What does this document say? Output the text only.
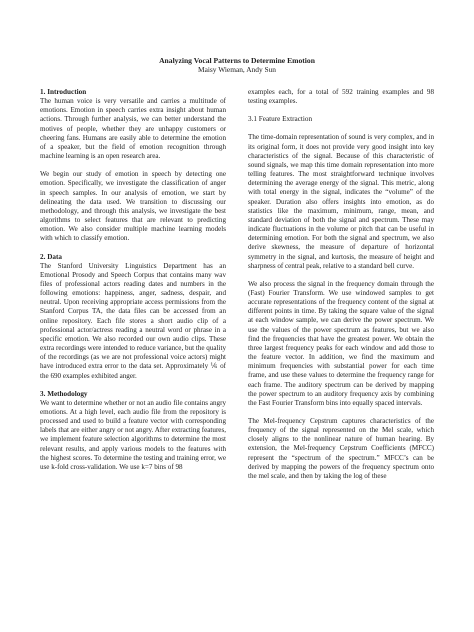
Analyzing Vocal Patterns to Determine Emotion

Maisy Wieman, Andy Sun

1. Introduction

The human voice is very versatile and carries a multitude of emotions. Emotion in speech carries extra insight about human actions. Through further analysis, we can better understand the motives of people, whether they are unhappy customers or cheering fans. Humans are easily able to determine the emotion of a speaker, but the field of emotion recognition through machine learning is an open research area.

We begin our study of emotion in speech by detecting one emotion. Specifically, we investigate the classification of anger in speech samples. In our analysis of emotion, we start by delineating the data used. We transition to discussing our methodology, and through this analysis, we investigate the best algorithms to select features that are relevant to predicting emotion. We also consider multiple machine learning models with which to classify emotion.

2. Data

The Stanford University Linguistics Department has an Emotional Prosody and Speech Corpus that contains many wav files of professional actors reading dates and numbers in the following emotions: happiness, anger, sadness, despair, and neutral. Upon receiving appropriate access permissions from the Stanford Corpus TA, the data files can be accessed from an online repository. Each file stores a short audio clip of a professional actor/actress reading a neutral word or phrase in a specific emotion. We also recorded our own audio clips. These extra recordings were intended to reduce variance, but the quality of the recordings (as we are not professional voice actors) might have introduced extra error to the data set. Approximately ⅙ of the 690 examples exhibited anger.

3. Methodology

We want to determine whether or not an audio file contains angry emotions. At a high level, each audio file from the repository is processed and used to build a feature vector with corresponding labels that are either angry or not angry. After extracting features, we implement feature selection algorithms to determine the most relevant results, and apply various models to the features with the highest scores. To determine the testing and training error, we use k-fold cross-validation. We use k=7 bins of 98

examples each, for a total of 592 training examples and 98 testing examples.

3.1 Feature Extraction

The time-domain representation of sound is very complex, and in its original form, it does not provide very good insight into key characteristics of the signal. Because of this characteristic of sound signals, we map this time domain representation into more telling features. The most straightforward technique involves determining the average energy of the signal. This metric, along with total energy in the signal, indicates the “volume” of the speaker. Duration also offers insights into emotion, as do statistics like the maximum, minimum, range, mean, and standard deviation of both the signal and spectrum. These may indicate fluctuations in the volume or pitch that can be useful in determining emotion. For both the signal and spectrum, we also derive skewness, the measure of departure of horizontal symmetry in the signal, and kurtosis, the measure of height and sharpness of central peak, relative to a standard bell curve.

We also process the signal in the frequency domain through the (Fast) Fourier Transform. We use windowed samples to get accurate representations of the frequency content of the signal at different points in time. By taking the square value of the signal at each window sample, we can derive the power spectrum. We use the values of the power spectrum as features, but we also find the frequencies that have the greatest power. We obtain the three largest frequency peaks for each window and add those to the feature vector. In addition, we find the maximum and minimum frequencies with substantial power for each time frame, and use these values to determine the frequency range for each frame. The auditory spectrum can be derived by mapping the power spectrum to an auditory frequency axis by combining the Fast Fourier Transform bins into equally spaced intervals.

The Mel-frequency Cepstrum captures characteristics of the frequency of the signal represented on the Mel scale, which closely aligns to the nonlinear nature of human hearing. By extension, the Mel-frequency Cepstrum Coefficients (MFCC) represent the “spectrum of the spectrum.” MFCC’s can be derived by mapping the powers of the frequency spectrum onto the mel scale, and then by taking the log of these
